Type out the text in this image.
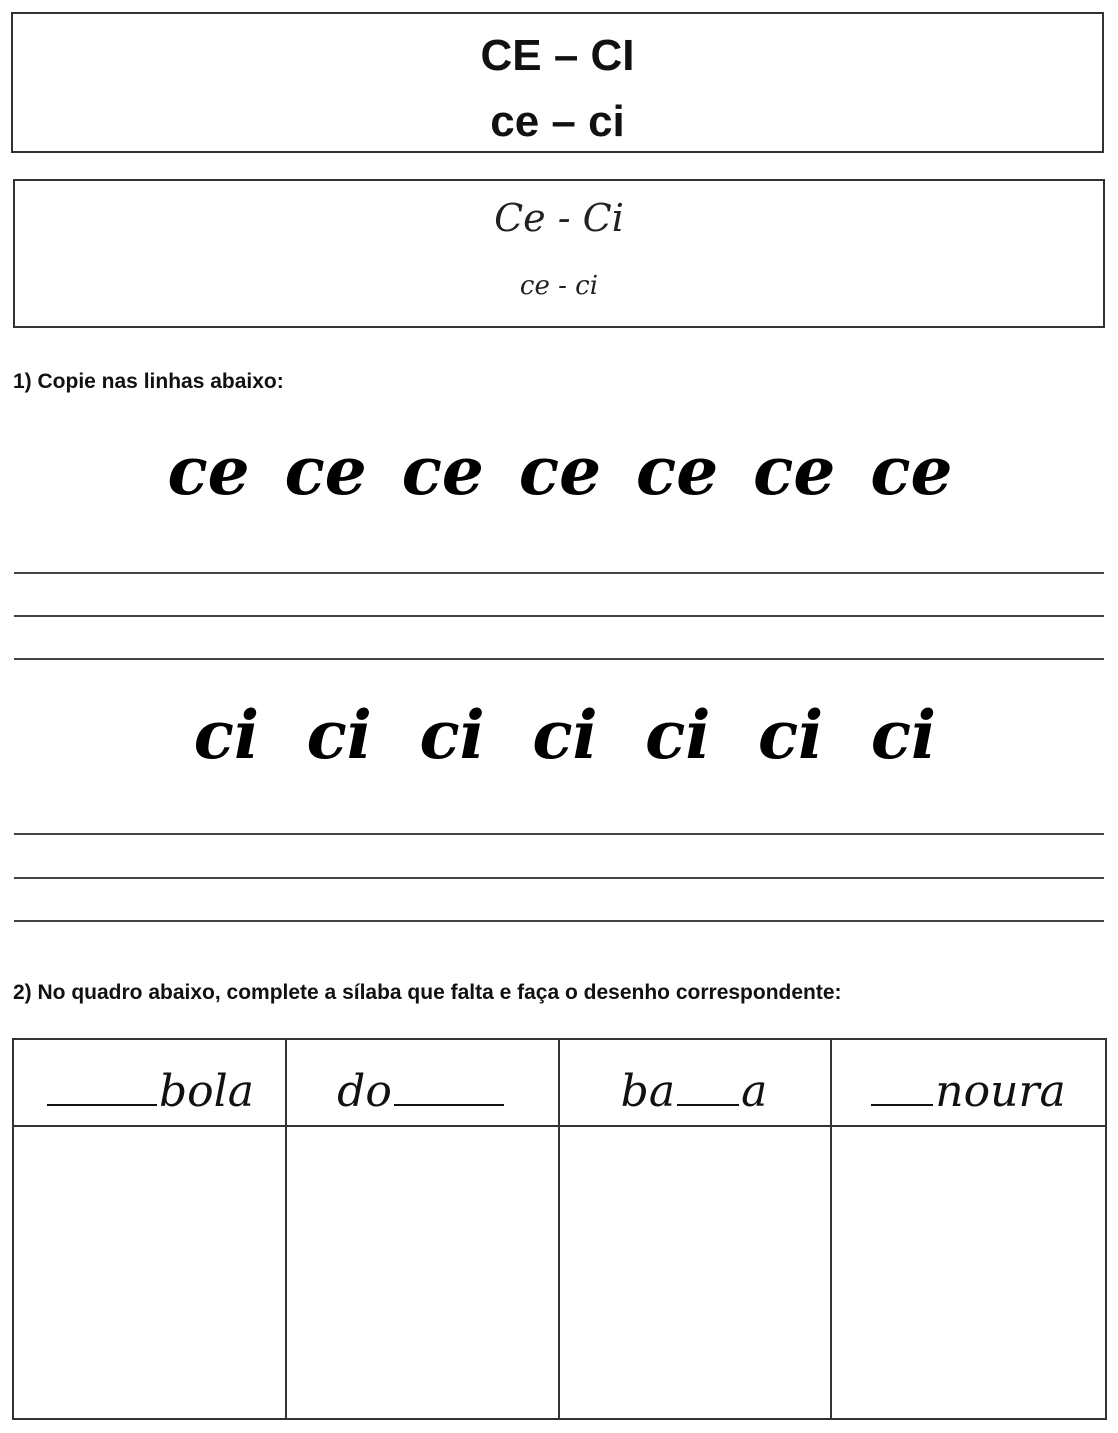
CE – CI
ce – ci
Ce - Ci
ce - ci
1) Copie nas linhas abaixo:
ce ce ce ce ce ce ce
ci ci ci ci ci ci ci
2) No quadro abaixo, complete a sílaba que falta e faça o desenho correspondente:
bola do	ba a	noura
